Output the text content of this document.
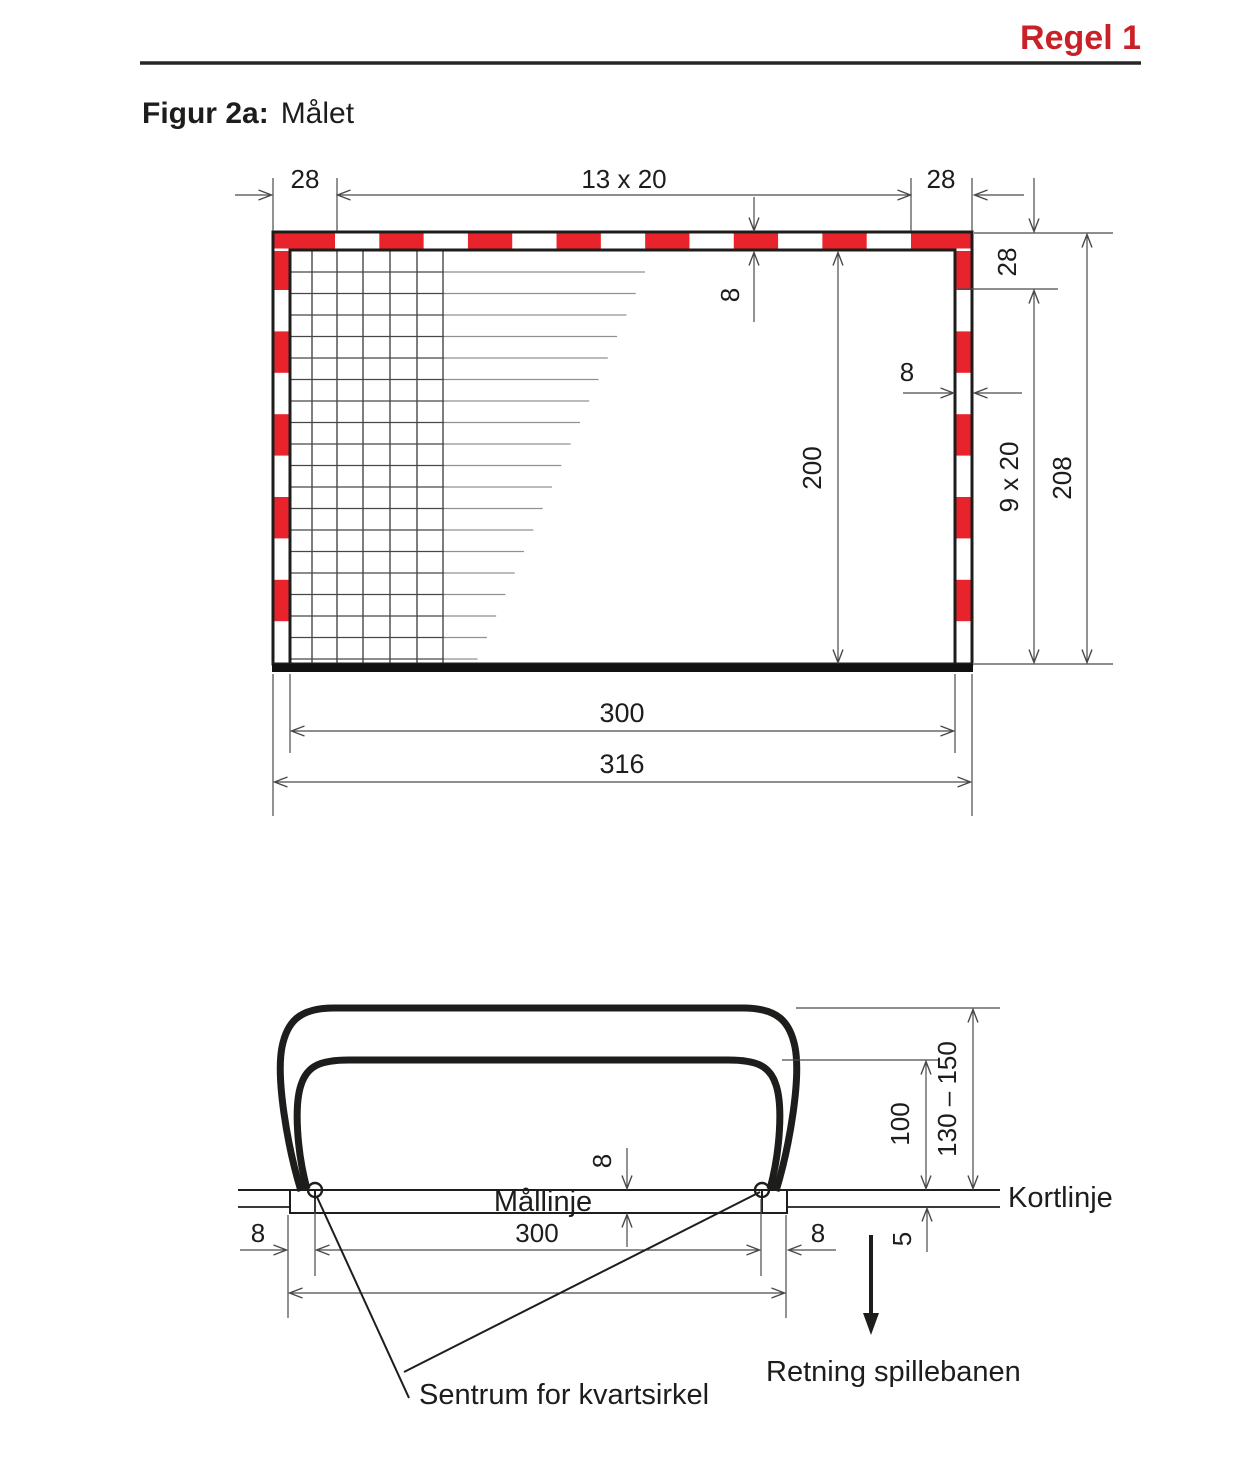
Regel 1
Figur 2a: Målet
28	13 x 20	28
8
200
28
8
9 x 20 208
300
316
100 130 – 150
5
8
8	300	8
Mållinje	Kortlinje
Sentrum for kvartsirkel
Retning spillebanen
